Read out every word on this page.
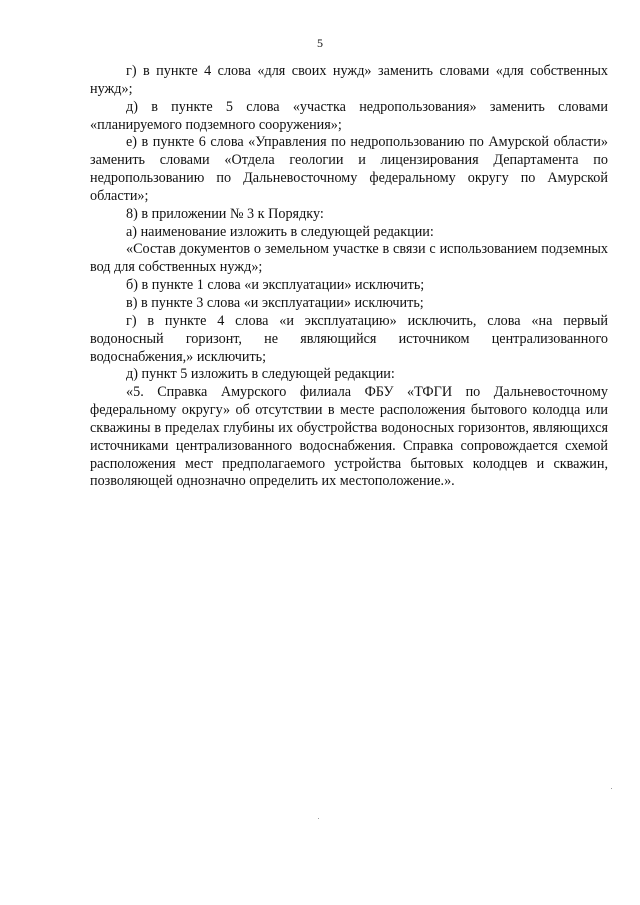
5

г) в пункте 4 слова «для своих нужд» заменить словами «для собственных нужд»;

д) в пункте 5 слова «участка недропользования» заменить словами «планируемого подземного сооружения»;

е) в пункте 6 слова «Управления по недропользованию по Амурской области» заменить словами «Отдела геологии и лицензирования Департамента по недропользованию по Дальневосточному федеральному округу по Амурской области»;

8) в приложении № 3 к Порядку:

а) наименование изложить в следующей редакции:

«Состав документов о земельном участке в связи с использованием подземных вод для собственных нужд»;

б) в пункте 1 слова «и эксплуатации» исключить;

в) в пункте 3 слова «и эксплуатации» исключить;

г) в пункте 4 слова «и эксплуатацию» исключить, слова «на первый водоносный горизонт, не являющийся источником централизованного водоснабжения,» исключить;

д) пункт 5 изложить в следующей редакции:

«5. Справка Амурского филиала ФБУ «ТФГИ по Дальневосточному федеральному округу» об отсутствии в месте расположения бытового колодца или скважины в пределах глубины их обустройства водоносных горизонтов, являющихся источниками централизованного водоснабжения. Справка сопровождается схемой расположения мест предполагаемого устройства бытовых колодцев и скважин, позволяющей однозначно определить их местоположение.».
